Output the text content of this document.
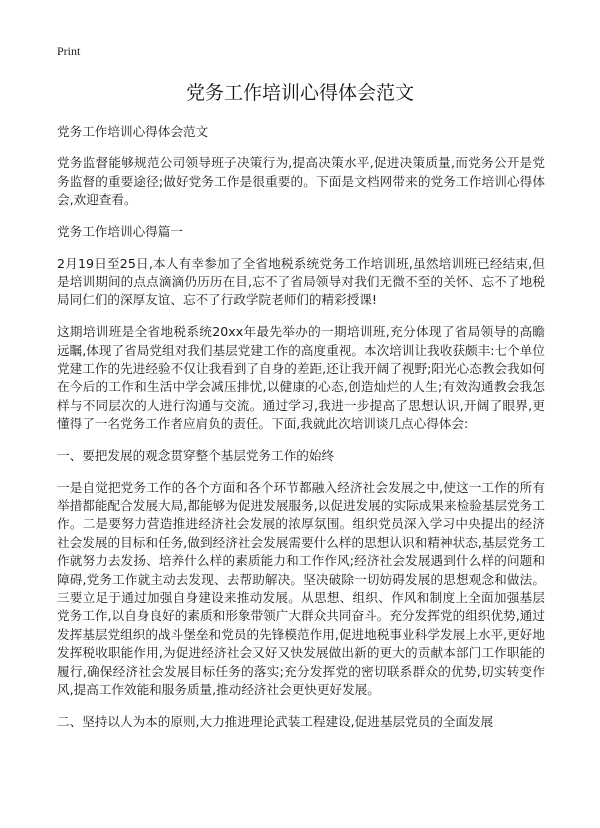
Print
党务工作培训心得体会范文

党务工作培训心得体会范文

党务监督能够规范公司领导班子决策行为,提高决策水平,促进决策质量,而党务公开是党务监督的重要途径;做好党务工作是很重要的。下面是文档网带来的党务工作培训心得体会,欢迎查看。

党务工作培训心得篇一

2月19日至25日,本人有幸参加了全省地税系统党务工作培训班,虽然培训班已经结束,但是培训期间的点点滴滴仍历历在目,忘不了省局领导对我们无微不至的关怀、忘不了地税局同仁们的深厚友谊、忘不了行政学院老师们的精彩授课!

这期培训班是全省地税系统20xx年最先举办的一期培训班,充分体现了省局领导的高瞻远瞩,体现了省局党组对我们基层党建工作的高度重视。本次培训让我收获颇丰:七个单位党建工作的先进经验不仅让我看到了自身的差距,还让我开阔了视野;阳光心态教会我如何在今后的工作和生活中学会减压排忧,以健康的心态,创造灿烂的人生;有效沟通教会我怎样与不同层次的人进行沟通与交流。通过学习,我进一步提高了思想认识,开阔了眼界,更懂得了一名党务工作者应肩负的责任。下面,我就此次培训谈几点心得体会:

一、要把发展的观念贯穿整个基层党务工作的始终

一是自觉把党务工作的各个方面和各个环节都融入经济社会发展之中,使这一工作的所有举措都能配合发展大局,都能够为促进发展服务,以促进发展的实际成果来检验基层党务工作。二是要努力营造推进经济社会发展的浓厚氛围。组织党员深入学习中央提出的经济社会发展的目标和任务,做到经济社会发展需要什么样的思想认识和精神状态,基层党务工作就努力去发扬、培养什么样的素质能力和工作作风;经济社会发展遇到什么样的问题和障碍,党务工作就主动去发现、去帮助解决。坚决破除一切妨碍发展的思想观念和做法。三要立足于通过加强自身建设来推动发展。从思想、组织、作风和制度上全面加强基层党务工作,以自身良好的素质和形象带领广大群众共同奋斗。充分发挥党的组织优势,通过发挥基层党组织的战斗堡垒和党员的先锋模范作用,促进地税事业科学发展上水平,更好地发挥税收职能作用,为促进经济社会又好又快发展做出新的更大的贡献本部门工作职能的履行,确保经济社会发展目标任务的落实;充分发挥党的密切联系群众的优势,切实转变作风,提高工作效能和服务质量,推动经济社会更快更好发展。

二、坚持以人为本的原则,大力推进理论武装工程建设,促进基层党员的全面发展
